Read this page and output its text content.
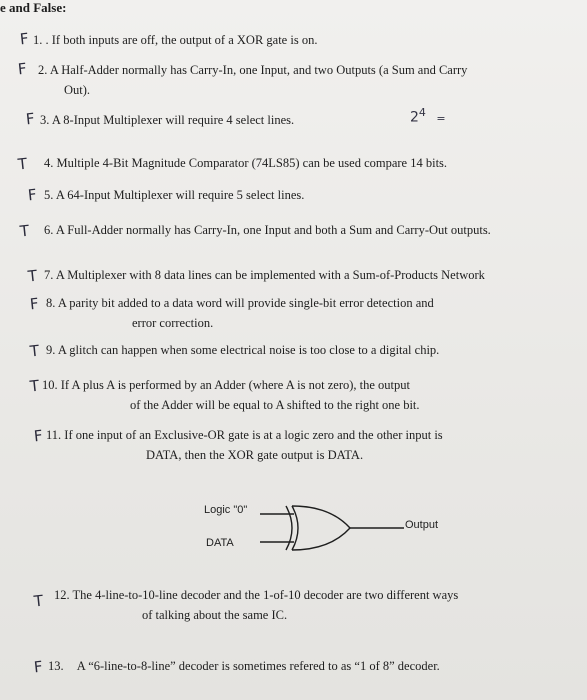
e and False:
F 1. . If both inputs are off, the output of a XOR gate is on.
F 2. A Half-Adder normally has Carry-In, one Input, and two Outputs (a Sum and Carry
Out).
F 3. A 8-Input Multiplexer will require 4 select lines.	$2^4$ =
T 4. Multiple 4-Bit Magnitude Comparator (74LS85) can be used compare 14 bits.
F 5. A 64-Input Multiplexer will require 5 select lines.
T 6. A Full-Adder normally has Carry-In, one Input and both a Sum and Carry-Out outputs.
T 7. A Multiplexer with 8 data lines can be implemented with a Sum-of-Products Network
F 8. A parity bit added to a data word will provide single-bit error detection and
error correction.
T 9. A glitch can happen when some electrical noise is too close to a digital chip.
T 10. If A plus A is performed by an Adder (where A is not zero), the output
of the Adder will be equal to A shifted to the right one bit.
F 11. If one input of an Exclusive-OR gate is at a logic zero and the other input is
DATA, then the XOR gate output is DATA.
Logic "0"
DATA
Output
T 12. The 4-line-to-10-line decoder and the 1-of-10 decoder are two different ways
of talking about the same IC.
F 13. A “6-line-to-8-line” decoder is sometimes refered to as “1 of 8” decoder.
